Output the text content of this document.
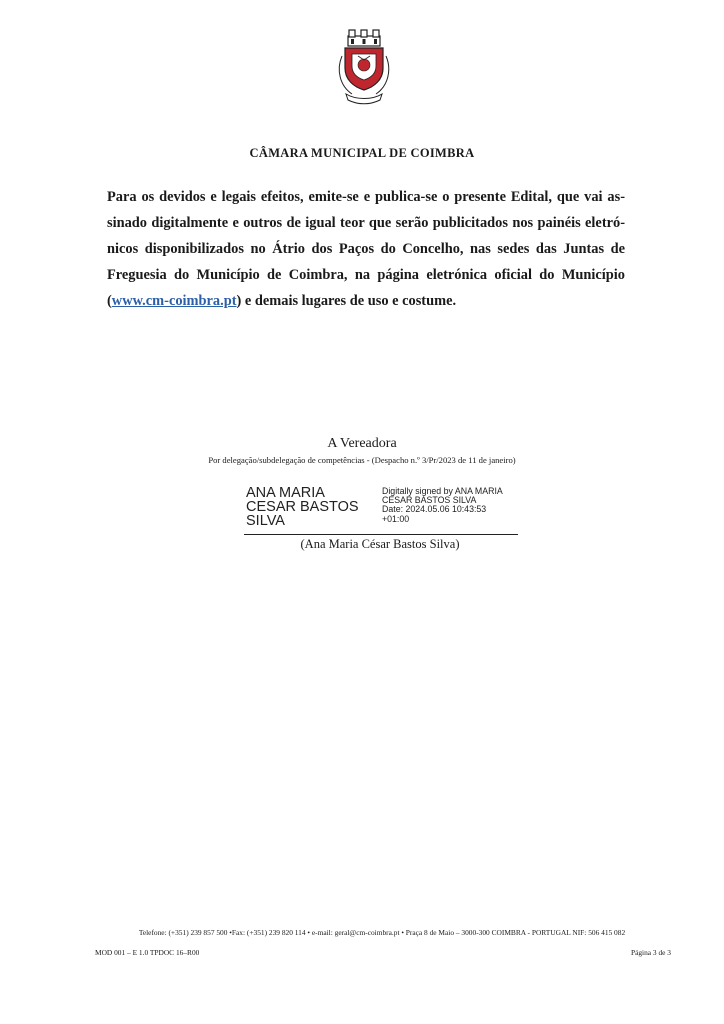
CÂMARA MUNICIPAL DE COIMBRA

Para os devidos e legais efeitos, emite-se e publica-se o presente Edital, que vai as-
sinado digitalmente e outros de igual teor que serão publicitados nos painéis eletró-
nicos disponibilizados no Átrio dos Paços do Concelho, nas sedes das Juntas de
Freguesia do Município de Coimbra, na página eletrónica oficial do Município
(www.cm-coimbra.pt) e demais lugares de uso e costume.

A Vereadora
Por delegação/subdelegação de competências - (Despacho n.º 3/Pr/2023 de 11 de janeiro)
ANA MARIA
CESAR BASTOS
SILVA
Digitally signed by ANA MARIA
CESAR BASTOS SILVA
Date: 2024.05.06 10:43:53
+01:00
(Ana Maria César Bastos Silva)
Telefone: (+351) 239 857 500 •Fax: (+351) 239 820 114 • e-mail: geral@cm-coimbra.pt • Praça 8 de Maio – 3000-300 COIMBRA - PORTUGAL NIF: 506 415 082
MOD 001 – E 1.0 TPDOC 16–R00	Página 3 de 3
